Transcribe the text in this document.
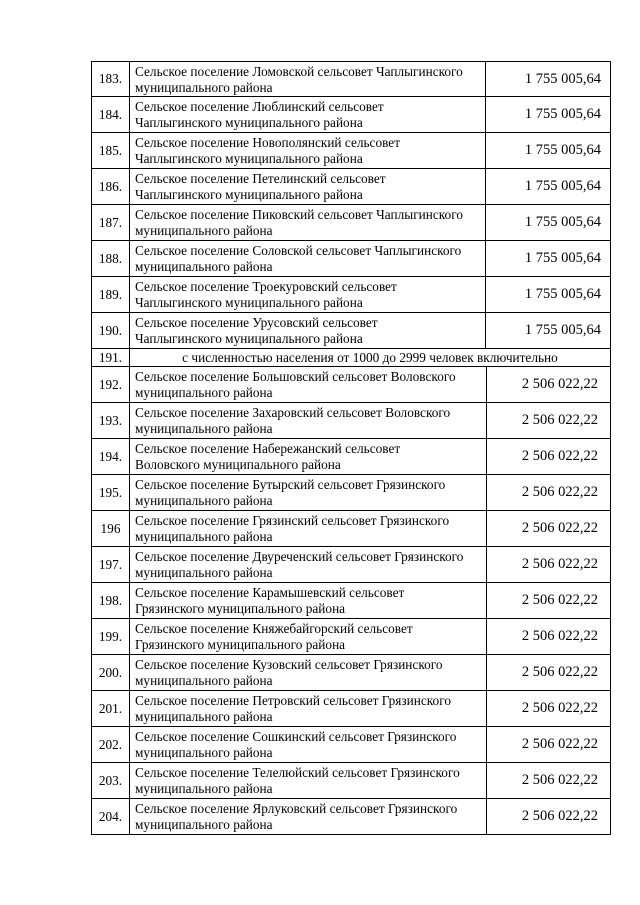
183. Сельское поселение Ломовской сельсовет Чаплыгинского
муниципального района
1 755 005,64
184. Сельское поселение Люблинский сельсовет
Чаплыгинского муниципального района
1 755 005,64
185. Сельское поселение Новополянский сельсовет
Чаплыгинского муниципального района
1 755 005,64
186. Сельское поселение Петелинский сельсовет
Чаплыгинского муниципального района
1 755 005,64
187. Сельское поселение Пиковский сельсовет Чаплыгинского
муниципального района
1 755 005,64
188. Сельское поселение Соловской сельсовет Чаплыгинского
муниципального района
1 755 005,64
189. Сельское поселение Троекуровский сельсовет
Чаплыгинского муниципального района
1 755 005,64
190. Сельское поселение Урусовский сельсовет
Чаплыгинского муниципального района
1 755 005,64
191.	с численностью населения от 1000 до 2999 человек включительно
192. Сельское поселение Большовский сельсовет Воловского
муниципального района
2 506 022,22
193. Сельское поселение Захаровский сельсовет Воловского
муниципального района
2 506 022,22
194. Сельское поселение Набережанский сельсовет
Воловского муниципального района
2 506 022,22
195. Сельское поселение Бутырский сельсовет Грязинского
муниципального района
2 506 022,22
196	Сельское поселение Грязинский сельсовет Грязинского
муниципального района
2 506 022,22
197. Сельское поселение Двуреченский сельсовет Грязинского
муниципального района
2 506 022,22
198. Сельское поселение Карамышевский сельсовет
Грязинского муниципального района
2 506 022,22
199. Сельское поселение Княжебайгорский сельсовет
Грязинского муниципального района
2 506 022,22
200. Сельское поселение Кузовский сельсовет Грязинского
муниципального района
2 506 022,22
201. Сельское поселение Петровский сельсовет Грязинского
муниципального района
2 506 022,22
202. Сельское поселение Сошкинский сельсовет Грязинского
муниципального района
2 506 022,22
203. Сельское поселение Телелюйский сельсовет Грязинского
муниципального района
2 506 022,22
204. Сельское поселение Ярлуковский сельсовет Грязинского
муниципального района
2 506 022,22
